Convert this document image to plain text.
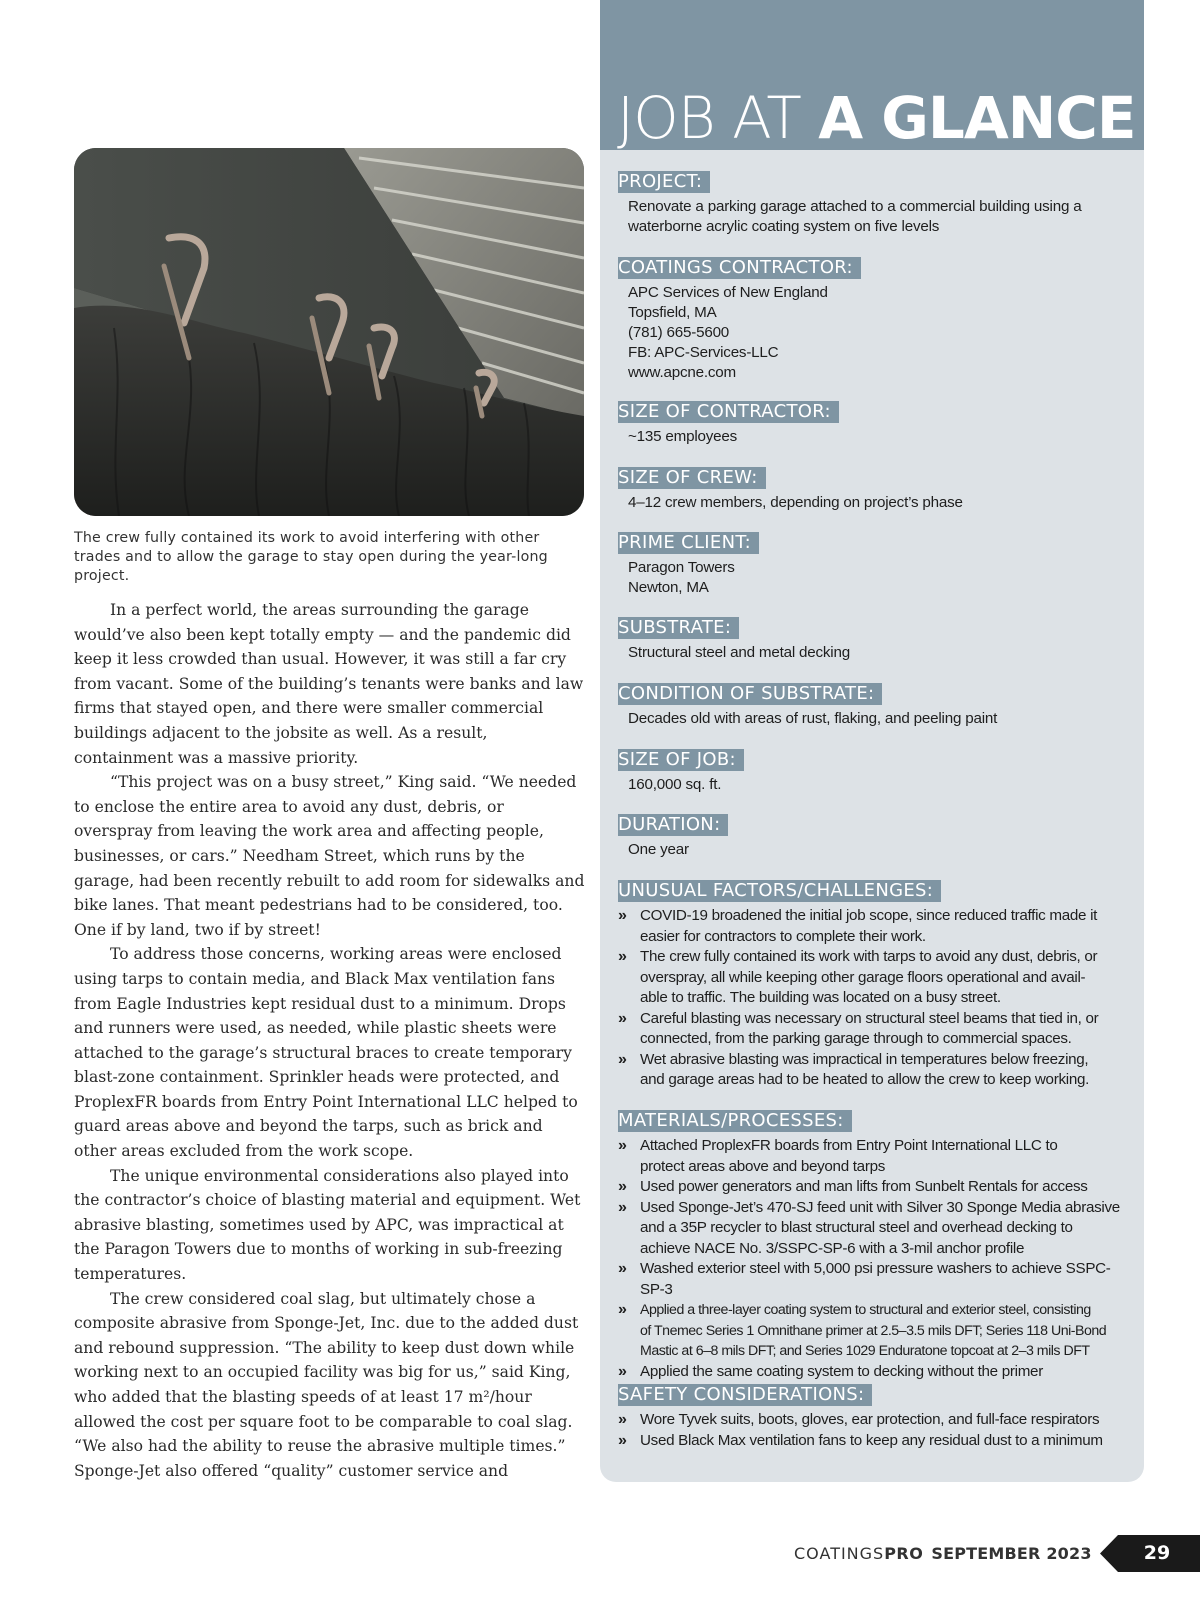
The crew fully contained its work to avoid interfering with other trades and to allow the garage to stay open during the year-long project.

In a perfect world, the areas surrounding the garage would’ve also been kept totally empty — and the pandemic did keep it less crowded than usual. However, it was still a far cry from vacant. Some of the building’s tenants were banks and law firms that stayed open, and there were smaller commercial buildings adjacent to the jobsite as well. As a result, containment was a massive priority.

“This project was on a busy street,” King said. “We needed to enclose the entire area to avoid any dust, debris, or overspray from leaving the work area and affecting people, businesses, or cars.” Needham Street, which runs by the garage, had been recently rebuilt to add room for sidewalks and bike lanes. That meant pedestrians had to be considered, too. One if by land, two if by street!

To address those concerns, working areas were enclosed using tarps to contain media, and Black Max ventilation fans from Eagle Industries kept residual dust to a minimum. Drops and runners were used, as needed, while plastic sheets were attached to the garage’s structural braces to create temporary blast-zone containment. Sprinkler heads were protected, and ProplexFR boards from Entry Point International LLC helped to guard areas above and beyond the tarps, such as brick and other areas excluded from the work scope.

The unique environmental considerations also played into the contractor’s choice of blasting material and equipment. Wet abrasive blasting, sometimes used by APC, was impractical at the Paragon Towers due to months of working in sub-freezing temperatures.

The crew considered coal slag, but ultimately chose a composite abrasive from Sponge-Jet, Inc. due to the added dust and rebound suppression. “The ability to keep dust down while working next to an occupied facility was big for us,” said King, who added that the blasting speeds of at least 17 m²/hour allowed the cost per square foot to be comparable to coal slag. “We also had the ability to reuse the abrasive multiple times.” Sponge-Jet also offered “quality” customer service and

JOB AT A GLANCE
PROJECT:
Renovate a parking garage attached to a commercial building using a
waterborne acrylic coating system on five levels
COATINGS CONTRACTOR:
APC Services of New England
Topsfield, MA
(781) 665-5600
FB: APC-Services-LLC
www.apcne.com
SIZE OF CONTRACTOR:
~135 employees
SIZE OF CREW:
4–12 crew members, depending on project’s phase
PRIME CLIENT:
Paragon Towers
Newton, MA
SUBSTRATE:
Structural steel and metal decking
CONDITION OF SUBSTRATE:
Decades old with areas of rust, flaking, and peeling paint
SIZE OF JOB:
160,000 sq. ft.
DURATION:
One year
UNUSUAL FACTORS/CHALLENGES:
» COVID-19 broadened the initial job scope, since reduced traffic made it
easier for contractors to complete their work.
» The crew fully contained its work with tarps to avoid any dust, debris, or
overspray, all while keeping other garage floors operational and avail-
able to traffic. The building was located on a busy street.
» Careful blasting was necessary on structural steel beams that tied in, or
connected, from the parking garage through to commercial spaces.
» Wet abrasive blasting was impractical in temperatures below freezing,
and garage areas had to be heated to allow the crew to keep working.
MATERIALS/PROCESSES:
» Attached ProplexFR boards from Entry Point International LLC to
protect areas above and beyond tarps
» Used power generators and man lifts from Sunbelt Rentals for access
» Used Sponge-Jet’s 470-SJ feed unit with Silver 30 Sponge Media abrasive
and a 35P recycler to blast structural steel and overhead decking to
achieve NACE No. 3/SSPC-SP-6 with a 3-mil anchor profile
» Washed exterior steel with 5,000 psi pressure washers to achieve SSPC-SP-3
» Applied a three-layer coating system to structural and exterior steel, consisting
of Tnemec Series 1 Omnithane primer at 2.5–3.5 mils DFT; Series 118 Uni-Bond
Mastic at 6–8 mils DFT; and Series 1029 Enduratone topcoat at 2–3 mils DFT
» Applied the same coating system to decking without the primer
SAFETY CONSIDERATIONS:
» Wore Tyvek suits, boots, gloves, ear protection, and full-face respirators
» Used Black Max ventilation fans to keep any residual dust to a minimum
COATINGSPRO SEPTEMBER 2023	29
